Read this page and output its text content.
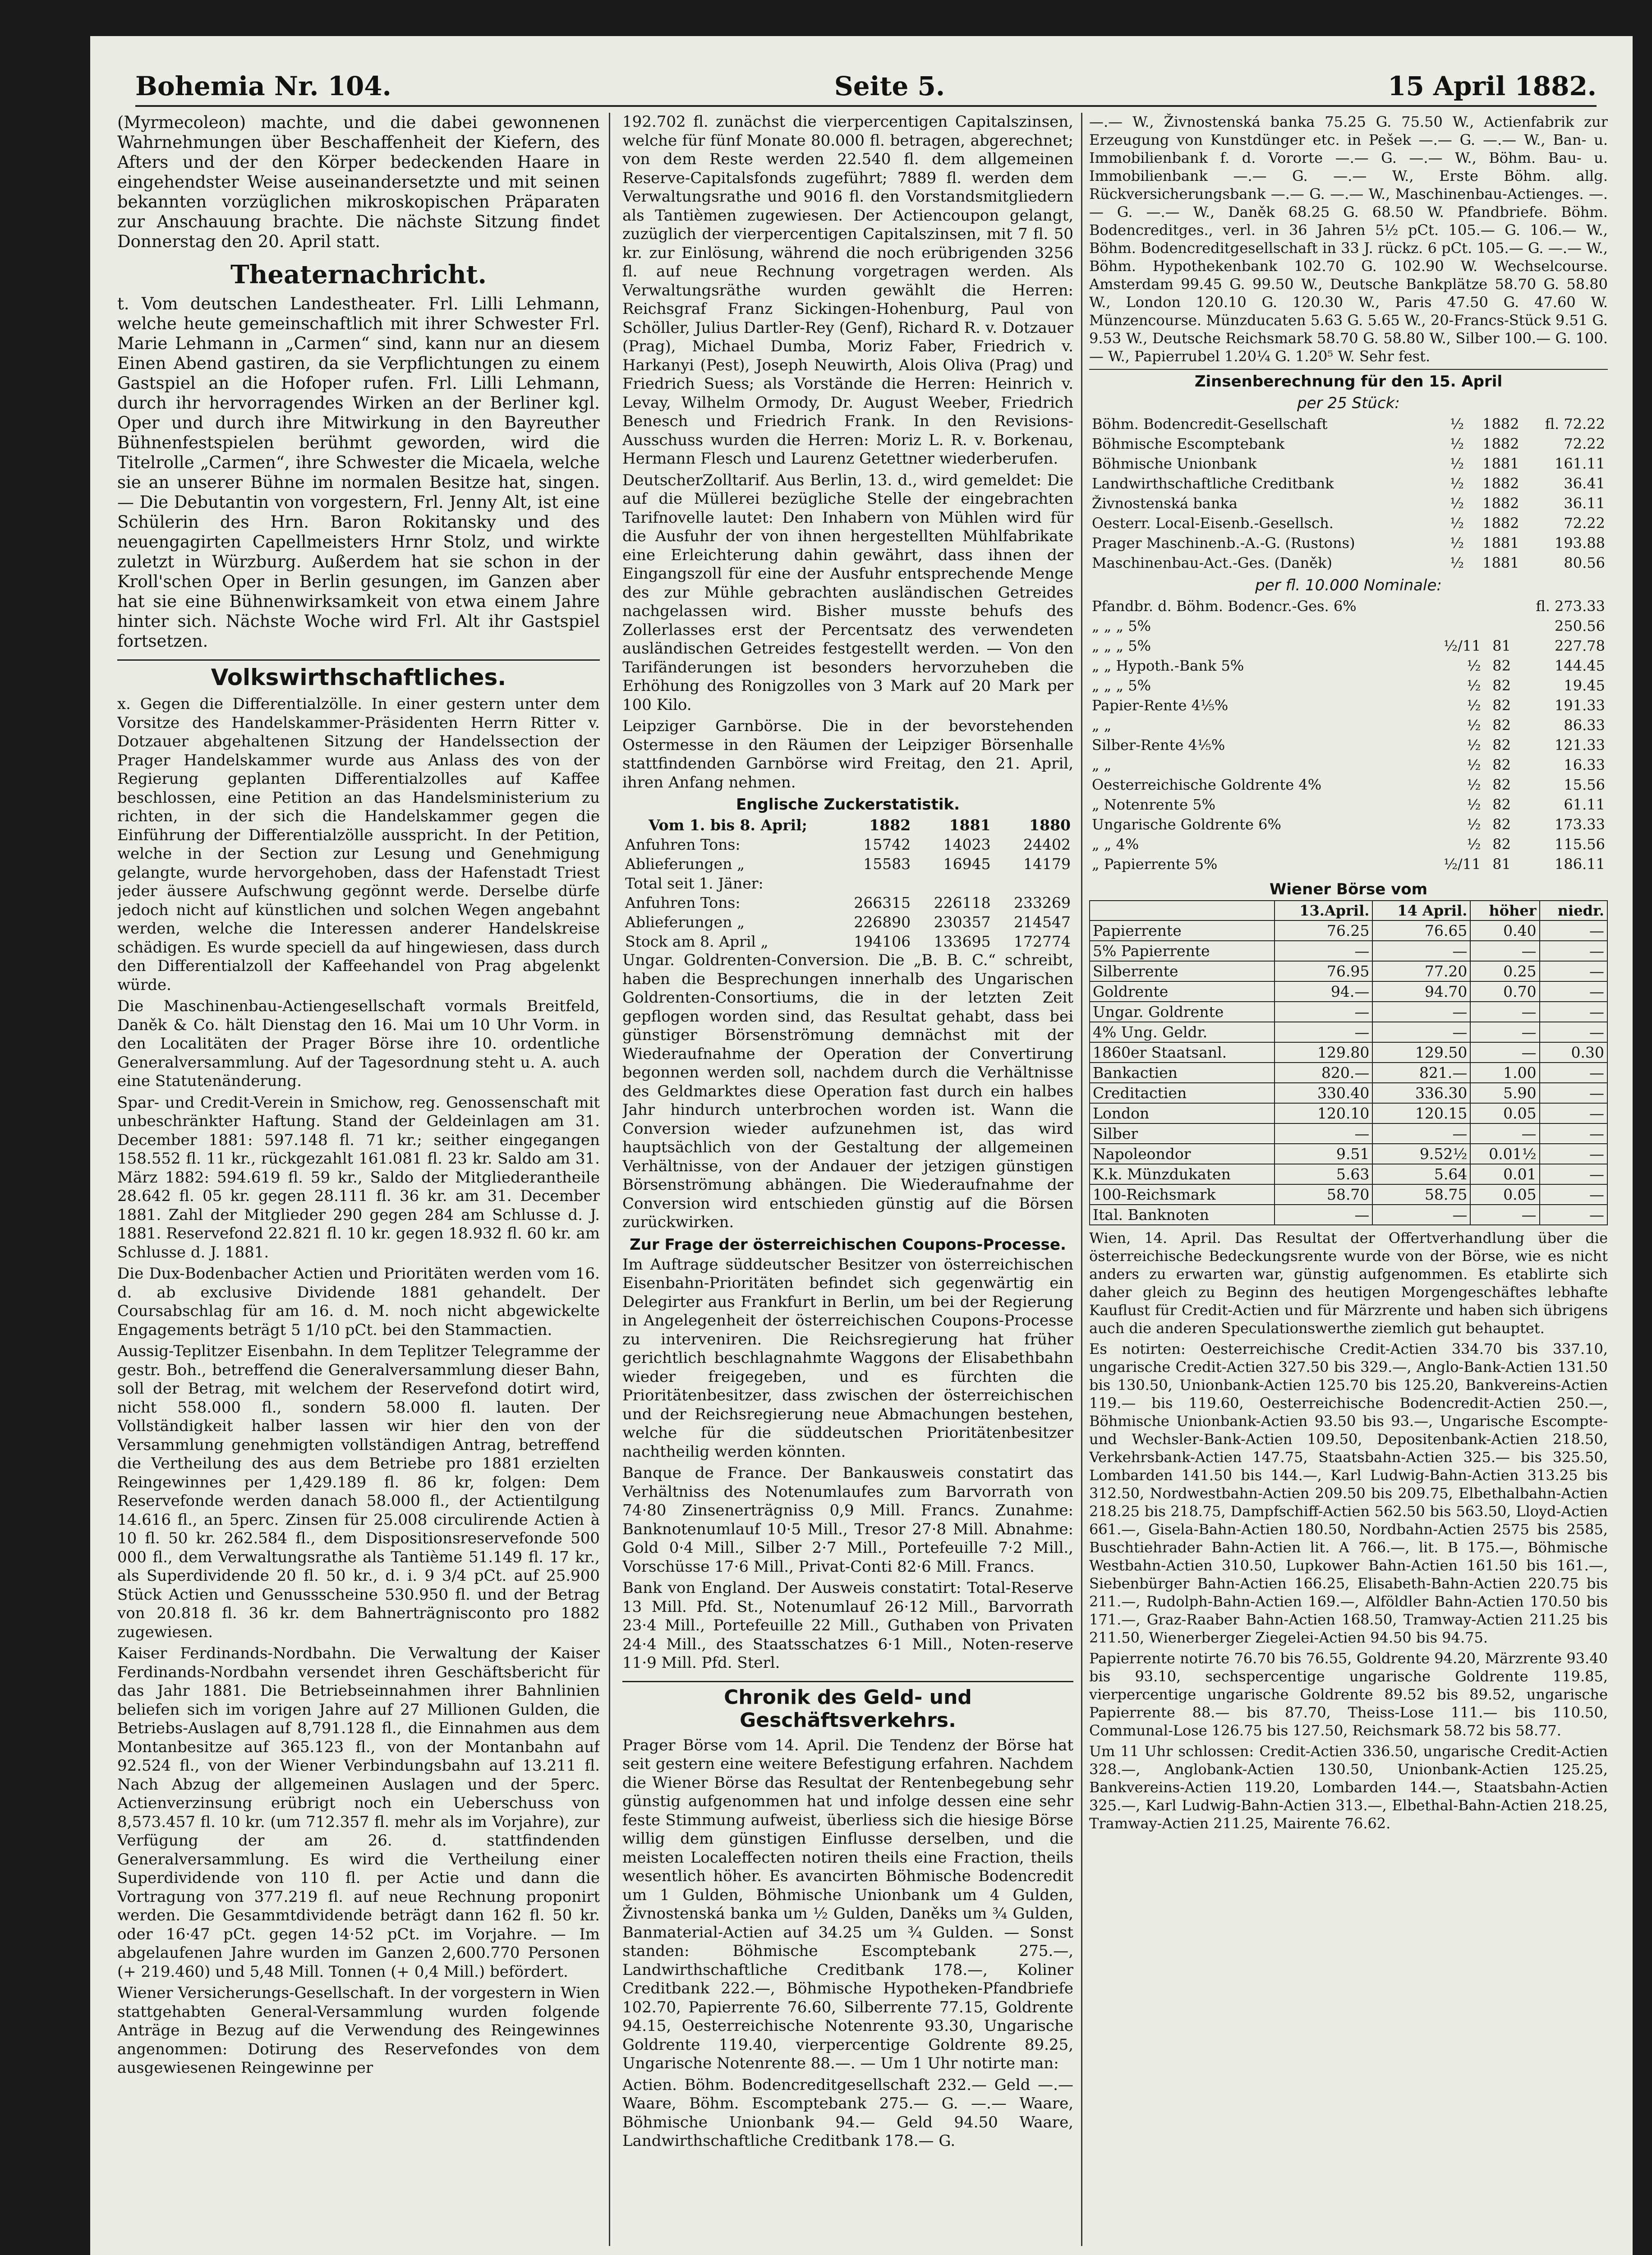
Bohemia Nr. 104.	Seite 5.	15 April 1882.

(Myrmecoleon) machte, und die dabei gewonnenen Wahrnehmungen über Beschaffenheit der Kiefern, des Afters und der den Körper bedeckenden Haare in eingehendster Weise auseinandersetzte und mit seinen bekannten vorzüglichen mikroskopischen Präparaten zur Anschauung brachte. Die nächste Sitzung findet Donnerstag den 20. April statt.

Theaternachricht.

t. Vom deutschen Landestheater. Frl. Lilli Lehmann, welche heute gemeinschaftlich mit ihrer Schwester Frl. Marie Lehmann in „Carmen“ sind, kann nur an diesem Einen Abend gastiren, da sie Verpflichtungen zu einem Gastspiel an die Hofoper rufen. Frl. Lilli Lehmann, durch ihr hervorragendes Wirken an der Berliner kgl. Oper und durch ihre Mitwirkung in den Bayreuther Bühnenfestspielen berühmt geworden, wird die Titelrolle „Carmen“, ihre Schwester die Micaela, welche sie an unserer Bühne im normalen Besitze hat, singen. — Die Debutantin von vorgestern, Frl. Jenny Alt, ist eine Schülerin des Hrn. Baron Rokitansky und des neuengagirten Capellmeisters Hrnr Stolz, und wirkte zuletzt in Würzburg. Außerdem hat sie schon in der Kroll'schen Oper in Berlin gesungen, im Ganzen aber hat sie eine Bühnenwirksamkeit von etwa einem Jahre hinter sich. Nächste Woche wird Frl. Alt ihr Gastspiel fortsetzen.

Volkswirthschaftliches.

x. Gegen die Differentialzölle. In einer gestern unter dem Vorsitze des Handelskammer-Präsidenten Herrn Ritter v. Dotzauer abgehaltenen Sitzung der Handelssection der Prager Handelskammer wurde aus Anlass des von der Regierung geplanten Differentialzolles auf Kaffee beschlossen, eine Petition an das Handelsministerium zu richten, in der sich die Handelskammer gegen die Einführung der Differentialzölle ausspricht. In der Petition, welche in der Section zur Lesung und Genehmigung gelangte, wurde hervorgehoben, dass der Hafenstadt Triest jeder äussere Aufschwung gegönnt werde. Derselbe dürfe jedoch nicht auf künstlichen und solchen Wegen angebahnt werden, welche die Interessen anderer Handelskreise schädigen. Es wurde speciell da auf hingewiesen, dass durch den Differentialzoll der Kaffeehandel von Prag abgelenkt würde.

Die Maschinenbau-Actiengesellschaft vormals Breitfeld, Daněk & Co. hält Dienstag den 16. Mai um 10 Uhr Vorm. in den Localitäten der Prager Börse ihre 10. ordentliche Generalversammlung. Auf der Tagesordnung steht u. A. auch eine Statutenänderung.

Spar- und Credit-Verein in Smichow, reg. Genossenschaft mit unbeschränkter Haftung. Stand der Geldeinlagen am 31. December 1881: 597.148 fl. 71 kr.; seither eingegangen 158.552 fl. 11 kr., rückgezahlt 161.081 fl. 23 kr. Saldo am 31. März 1882: 594.619 fl. 59 kr., Saldo der Mitgliederantheile 28.642 fl. 05 kr. gegen 28.111 fl. 36 kr. am 31. December 1881. Zahl der Mitglieder 290 gegen 284 am Schlusse d. J. 1881. Reservefond 22.821 fl. 10 kr. gegen 18.932 fl. 60 kr. am Schlusse d. J. 1881.

Die Dux-Bodenbacher Actien und Prioritäten werden vom 16. d. ab exclusive Dividende 1881 gehandelt. Der Coursabschlag für am 16. d. M. noch nicht abgewickelte Engagements beträgt 5 1/10 pCt. bei den Stammactien.

Aussig-Teplitzer Eisenbahn. In dem Teplitzer Telegramme der gestr. Boh., betreffend die Generalversammlung dieser Bahn, soll der Betrag, mit welchem der Reservefond dotirt wird, nicht 558.000 fl., sondern 58.000 fl. lauten. Der Vollständigkeit halber lassen wir hier den von der Versammlung genehmigten vollständigen Antrag, betreffend die Vertheilung des aus dem Betriebe pro 1881 erzielten Reingewinnes per 1,429.189 fl. 86 kr, folgen: Dem Reservefonde werden danach 58.000 fl., der Actientilgung 14.616 fl., an 5perc. Zinsen für 25.008 circulirende Actien à 10 fl. 50 kr. 262.584 fl., dem Dispositionsreservefonde 500 000 fl., dem Verwaltungsrathe als Tantième 51.149 fl. 17 kr., als Superdividende 20 fl. 50 kr., d. i. 9 3/4 pCt. auf 25.900 Stück Actien und Genussscheine 530.950 fl. und der Betrag von 20.818 fl. 36 kr. dem Bahnerträgnisconto pro 1882 zugewiesen.

Kaiser Ferdinands-Nordbahn. Die Verwaltung der Kaiser Ferdinands-Nordbahn versendet ihren Geschäftsbericht für das Jahr 1881. Die Betriebseinnahmen ihrer Bahnlinien beliefen sich im vorigen Jahre auf 27 Millionen Gulden, die Betriebs-Auslagen auf 8,791.128 fl., die Einnahmen aus dem Montanbesitze auf 365.123 fl., von der Montanbahn auf 92.524 fl., von der Wiener Verbindungsbahn auf 13.211 fl. Nach Abzug der allgemeinen Auslagen und der 5perc. Actienverzinsung erübrigt noch ein Ueberschuss von 8,573.457 fl. 10 kr. (um 712.357 fl. mehr als im Vorjahre), zur Verfügung der am 26. d. stattfindenden Generalversammlung. Es wird die Vertheilung einer Superdividende von 110 fl. per Actie und dann die Vortragung von 377.219 fl. auf neue Rechnung proponirt werden. Die Gesammtdividende beträgt dann 162 fl. 50 kr. oder 16·47 pCt. gegen 14·52 pCt. im Vorjahre. — Im abgelaufenen Jahre wurden im Ganzen 2,600.770 Personen (+ 219.460) und 5,48 Mill. Tonnen (+ 0,4 Mill.) befördert.

Wiener Versicherungs-Gesellschaft. In der vorgestern in Wien stattgehabten General-Versammlung wurden folgende Anträge in Bezug auf die Verwendung des Reingewinnes angenommen: Dotirung des Reservefondes von dem ausgewiesenen Reingewinne per

192.702 fl. zunächst die vierpercentigen Capitalszinsen, welche für fünf Monate 80.000 fl. betragen, abgerechnet; von dem Reste werden 22.540 fl. dem allgemeinen Reserve-Capitalsfonds zugeführt; 7889 fl. werden dem Verwaltungsrathe und 9016 fl. den Vorstandsmitgliedern als Tantièmen zugewiesen. Der Actiencoupon gelangt, zuzüglich der vierpercentigen Capitalszinsen, mit 7 fl. 50 kr. zur Einlösung, während die noch erübrigenden 3256 fl. auf neue Rechnung vorgetragen werden. Als Verwaltungsräthe wurden gewählt die Herren: Reichsgraf Franz Sickingen-Hohenburg, Paul von Schöller, Julius Dartler-Rey (Genf), Richard R. v. Dotzauer (Prag), Michael Dumba, Moriz Faber, Friedrich v. Harkanyi (Pest), Joseph Neuwirth, Alois Oliva (Prag) und Friedrich Suess; als Vorstände die Herren: Heinrich v. Levay, Wilhelm Ormody, Dr. August Weeber, Friedrich Benesch und Friedrich Frank. In den Revisions-Ausschuss wurden die Herren: Moriz L. R. v. Borkenau, Hermann Flesch und Laurenz Getettner wiederberufen.

DeutscherZolltarif. Aus Berlin, 13. d., wird gemeldet: Die auf die Müllerei bezügliche Stelle der eingebrachten Tarifnovelle lautet: Den Inhabern von Mühlen wird für die Ausfuhr der von ihnen hergestellten Mühlfabrikate eine Erleichterung dahin gewährt, dass ihnen der Eingangszoll für eine der Ausfuhr entsprechende Menge des zur Mühle gebrachten ausländischen Getreides nachgelassen wird. Bisher musste behufs des Zollerlasses erst der Percentsatz des verwendeten ausländischen Getreides festgestellt werden. — Von den Tarifänderungen ist besonders hervorzuheben die Erhöhung des Ronigzolles von 3 Mark auf 20 Mark per 100 Kilo.

Leipziger Garnbörse. Die in der bevorstehenden Ostermesse in den Räumen der Leipziger Börsenhalle stattfindenden Garnbörse wird Freitag, den 21. April, ihren Anfang nehmen.

Englische Zuckerstatistik.
Vom 1. bis 8. April;	1882	1881	1880
Anfuhren Tons:	15742	14023	24402
Ablieferungen „	15583	16945	14179
Total seit 1. Jäner:			
Anfuhren Tons:	266315	226118	233269
Ablieferungen „	226890	230357	214547
Stock am 8. April „	194106	133695	172774

Ungar. Goldrenten-Conversion. Die „B. B. C.“ schreibt, haben die Besprechungen innerhalb des Ungarischen Goldrenten-Consortiums, die in der letzten Zeit gepflogen worden sind, das Resultat gehabt, dass bei günstiger Börsenströmung demnächst mit der Wiederaufnahme der Operation der Convertirung begonnen werden soll, nachdem durch die Verhältnisse des Geldmarktes diese Operation fast durch ein halbes Jahr hindurch unterbrochen worden ist. Wann die Conversion wieder aufzunehmen ist, das wird hauptsächlich von der Gestaltung der allgemeinen Verhältnisse, von der Andauer der jetzigen günstigen Börsenströmung abhängen. Die Wiederaufnahme der Conversion wird entschieden günstig auf die Börsen zurückwirken.

Zur Frage der österreichischen Coupons-Processe.

Im Auftrage süddeutscher Besitzer von österreichischen Eisenbahn-Prioritäten befindet sich gegenwärtig ein Delegirter aus Frankfurt in Berlin, um bei der Regierung in Angelegenheit der österreichischen Coupons-Processe zu interveniren. Die Reichsregierung hat früher gerichtlich beschlagnahmte Waggons der Elisabethbahn wieder freigegeben, und es fürchten die Prioritätenbesitzer, dass zwischen der österreichischen und der Reichsregierung neue Abmachungen bestehen, welche für die süddeutschen Prioritätenbesitzer nachtheilig werden könnten.

Banque de France. Der Bankausweis constatirt das Verhältniss des Notenumlaufes zum Barvorrath von 74·80 Zinsenerträgniss 0,9 Mill. Francs. Zunahme: Banknotenumlauf 10·5 Mill., Tresor 27·8 Mill. Abnahme: Gold 0·4 Mill., Silber 2·7 Mill., Portefeuille 7·2 Mill., Vorschüsse 17·6 Mill., Privat-Conti 82·6 Mill. Francs.

Bank von England. Der Ausweis constatirt: Total-Reserve 13 Mill. Pfd. St., Notenumlauf 26·12 Mill., Barvorrath 23·4 Mill., Portefeuille 22 Mill., Guthaben von Privaten 24·4 Mill., des Staatsschatzes 6·1 Mill., Noten-reserve 11·9 Mill. Pfd. Sterl.

Chronik des Geld- und Geschäftsverkehrs.

Prager Börse vom 14. April. Die Tendenz der Börse hat seit gestern eine weitere Befestigung erfahren. Nachdem die Wiener Börse das Resultat der Rentenbegebung sehr günstig aufgenommen hat und infolge dessen eine sehr feste Stimmung aufweist, überliess sich die hiesige Börse willig dem günstigen Einflusse derselben, und die meisten Localeffecten notiren theils eine Fraction, theils wesentlich höher. Es avancirten Böhmische Bodencredit um 1 Gulden, Böhmische Unionbank um 4 Gulden, Živnostenská banka um ½ Gulden, Daněks um ¾ Gulden, Banmaterial-Actien auf 34.25 um ¾ Gulden. — Sonst standen: Böhmische Escomptebank 275.—, Landwirthschaftliche Creditbank 178.—, Koliner Creditbank 222.—, Böhmische Hypotheken-Pfandbriefe 102.70, Papierrente 76.60, Silberrente 77.15, Goldrente 94.15, Oesterreichische Notenrente 93.30, Ungarische Goldrente 119.40, vierpercentige Goldrente 89.25, Ungarische Notenrente 88.—. — Um 1 Uhr notirte man:

Actien. Böhm. Bodencreditgesellschaft 232.— Geld —.— Waare, Böhm. Escomptebank 275.— G. —.— Waare, Böhmische Unionbank 94.— Geld 94.50 Waare, Landwirthschaftliche Creditbank 178.— G.

—.— W., Živnostenská banka 75.25 G. 75.50 W., Actienfabrik zur Erzeugung von Kunstdünger etc. in Pešek —.— G. —.— W., Ban- u. Immobilienbank f. d. Vororte —.— G. —.— W., Böhm. Bau- u. Immobilienbank —.— G. —.— W., Erste Böhm. allg. Rückversicherungsbank —.— G. —.— W., Maschinenbau-Actienges. —.— G. —.— W., Daněk 68.25 G. 68.50 W. Pfandbriefe. Böhm. Bodencreditges., verl. in 36 Jahren 5½ pCt. 105.— G. 106.— W., Böhm. Bodencreditgesellschaft in 33 J. rückz. 6 pCt. 105.— G. —.— W., Böhm. Hypothekenbank 102.70 G. 102.90 W. Wechselcourse. Amsterdam 99.45 G. 99.50 W., Deutsche Bankplätze 58.70 G. 58.80 W., London 120.10 G. 120.30 W., Paris 47.50 G. 47.60 W. Münzencourse. Münzducaten 5.63 G. 5.65 W., 20-Francs-Stück 9.51 G. 9.53 W., Deutsche Reichsmark 58.70 G. 58.80 W., Silber 100.— G. 100.— W., Papierrubel 1.20¼ G. 1.20⁵ W. Sehr fest.

Zinsenberechnung für den 15. April
per 25 Stück:
Böhm. Bodencredit-Gesellschaft	½	1882	fl. 72.22
Böhmische Escomptebank	½	1882	72.22
Böhmische Unionbank	½	1881	161.11
Landwirthschaftliche Creditbank	½	1882	36.41
Živnostenská banka	½	1882	36.11
Oesterr. Local-Eisenb.-Gesellsch.	½	1882	72.22
Prager Maschinenb.-A.-G. (Rustons)	½	1881	193.88
Maschinenbau-Act.-Ges. (Daněk)	½	1881	80.56
per fl. 10.000 Nominale:
Pfandbr. d. Böhm. Bodencr.-Ges. 6%			fl. 273.33
„ „ „ 5%			250.56
„ „ „ 5%	½/11	81	227.78
„ „ Hypoth.-Bank 5%	½	82	144.45
„ „ „ 5%	½	82	19.45
Papier-Rente 4⅕%	½	82	191.33
„ „	½	82	86.33
Silber-Rente 4⅕%	½	82	121.33
„ „	½	82	16.33
Oesterreichische Goldrente 4%	½	82	15.56
„ Notenrente 5%	½	82	61.11
Ungarische Goldrente 6%	½	82	173.33
„ „ 4%	½	82	115.56
„ Papierrente 5%	½/11	81	186.11
Wiener Börse vom
	13.April.	14 April.	höher	niedr.
Papierrente	76.25	76.65	0.40	—
5% Papierrente	—	—	—	—
Silberrente	76.95	77.20	0.25	—
Goldrente	94.—	94.70	0.70	—
Ungar. Goldrente	—	—	—	—
4% Ung. Geldr.	—	—	—	—
1860er Staatsanl.	129.80	129.50	—	0.30
Bankactien	820.—	821.—	1.00	—
Creditactien	330.40	336.30	5.90	—
London	120.10	120.15	0.05	—
Silber	—	—	—	—
Napoleondor	9.51	9.52½	0.01½	—
K.k. Münzdukaten	5.63	5.64	0.01	—
100-Reichsmark	58.70	58.75	0.05	—
Ital. Banknoten	—	—	—	—

Wien, 14. April. Das Resultat der Offertverhandlung über die österreichische Bedeckungsrente wurde von der Börse, wie es nicht anders zu erwarten war, günstig aufgenommen. Es etablirte sich daher gleich zu Beginn des heutigen Morgengeschäftes lebhafte Kauflust für Credit-Actien und für Märzrente und haben sich übrigens auch die anderen Speculationswerthe ziemlich gut behauptet.

Es notirten: Oesterreichische Credit-Actien 334.70 bis 337.10, ungarische Credit-Actien 327.50 bis 329.—, Anglo-Bank-Actien 131.50 bis 130.50, Unionbank-Actien 125.70 bis 125.20, Bankvereins-Actien 119.— bis 119.60, Oesterreichische Bodencredit-Actien 250.—, Böhmische Unionbank-Actien 93.50 bis 93.—, Ungarische Escompte- und Wechsler-Bank-Actien 109.50, Depositenbank-Actien 218.50, Verkehrsbank-Actien 147.75, Staatsbahn-Actien 325.— bis 325.50, Lombarden 141.50 bis 144.—, Karl Ludwig-Bahn-Actien 313.25 bis 312.50, Nordwestbahn-Actien 209.50 bis 209.75, Elbethalbahn-Actien 218.25 bis 218.75, Dampfschiff-Actien 562.50 bis 563.50, Lloyd-Actien 661.—, Gisela-Bahn-Actien 180.50, Nordbahn-Actien 2575 bis 2585, Buschtiehrader Bahn-Actien lit. A 766.—, lit. B 175.—, Böhmische Westbahn-Actien 310.50, Lupkower Bahn-Actien 161.50 bis 161.—, Siebenbürger Bahn-Actien 166.25, Elisabeth-Bahn-Actien 220.75 bis 211.—, Rudolph-Bahn-Actien 169.—, Alföldler Bahn-Actien 170.50 bis 171.—, Graz-Raaber Bahn-Actien 168.50, Tramway-Actien 211.25 bis 211.50, Wienerberger Ziegelei-Actien 94.50 bis 94.75.

Papierrente notirte 76.70 bis 76.55, Goldrente 94.20, Märzrente 93.40 bis 93.10, sechspercentige ungarische Goldrente 119.85, vierpercentige ungarische Goldrente 89.52 bis 89.52, ungarische Papierrente 88.— bis 87.70, Theiss-Lose 111.— bis 110.50, Communal-Lose 126.75 bis 127.50, Reichsmark 58.72 bis 58.77.

Um 11 Uhr schlossen: Credit-Actien 336.50, ungarische Credit-Actien 328.—, Anglobank-Actien 130.50, Unionbank-Actien 125.25, Bankvereins-Actien 119.20, Lombarden 144.—, Staatsbahn-Actien 325.—, Karl Ludwig-Bahn-Actien 313.—, Elbethal-Bahn-Actien 218.25, Tramway-Actien 211.25, Mairente 76.62.
